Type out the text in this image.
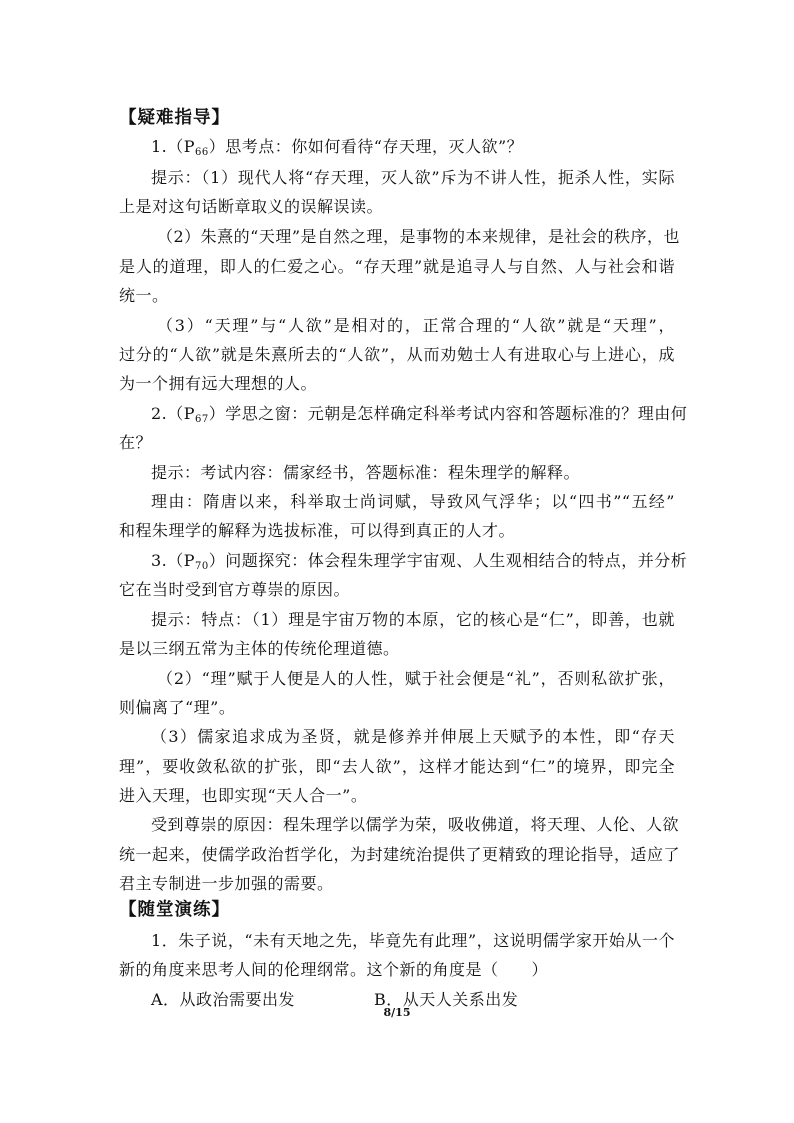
【疑难指导】
$1.(P_{66})$思考点：你如何看待“存天理，灭人欲”？
提示：（1）现代人将“存天理，灭人欲”斥为不讲人性，扼杀人性，实际
上是对这句话断章取义的误解误读。
（2）朱熹的“天理”是自然之理，是事物的本来规律，是社会的秩序，也
是人的道理，即人的仁爱之心。“存天理”就是追寻人与自然、人与社会和谐
统一。
（3）“天理”与“人欲”是相对的，正常合理的“人欲”就是“天理”，
过分的“人欲”就是朱熹所去的“人欲”，从而劝勉士人有进取心与上进心，成
为一个拥有远大理想的人。
$2.(P_{67})$学思之窗：元朝是怎样确定科举考试内容和答题标准的？理由何
在？
提示：考试内容：儒家经书，答题标准：程朱理学的解释。
理由：隋唐以来，科举取士尚词赋，导致风气浮华；以“四书”“五经”
和程朱理学的解释为选拔标准，可以得到真正的人才。
$3.(P_{70})$问题探究：体会程朱理学宇宙观、人生观相结合的特点，并分析
它在当时受到官方尊崇的原因。
提示：特点：（1）理是宇宙万物的本原，它的核心是“仁”，即善，也就
是以三纲五常为主体的传统伦理道德。
（2）“理”赋于人便是人的人性，赋于社会便是“礼”，否则私欲扩张，
则偏离了“理”。
（3）儒家追求成为圣贤，就是修养并伸展上天赋予的本性，即“存天
理”，要收敛私欲的扩张，即“去人欲”，这样才能达到“仁”的境界，即完全
进入天理，也即实现“天人合一”。
受到尊崇的原因：程朱理学以儒学为荣，吸收佛道，将天理、人伦、人欲
统一起来，使儒学政治哲学化，为封建统治提供了更精致的理论指导，适应了
君主专制进一步加强的需要。
【随堂演练】
1．朱子说，“未有天地之先，毕竟先有此理”，这说明儒学家开始从一个
新的角度来思考人间的伦理纲常。这个新的角度是（　　）
A．从政治需要出发	B．从天人关系出发
8/15
